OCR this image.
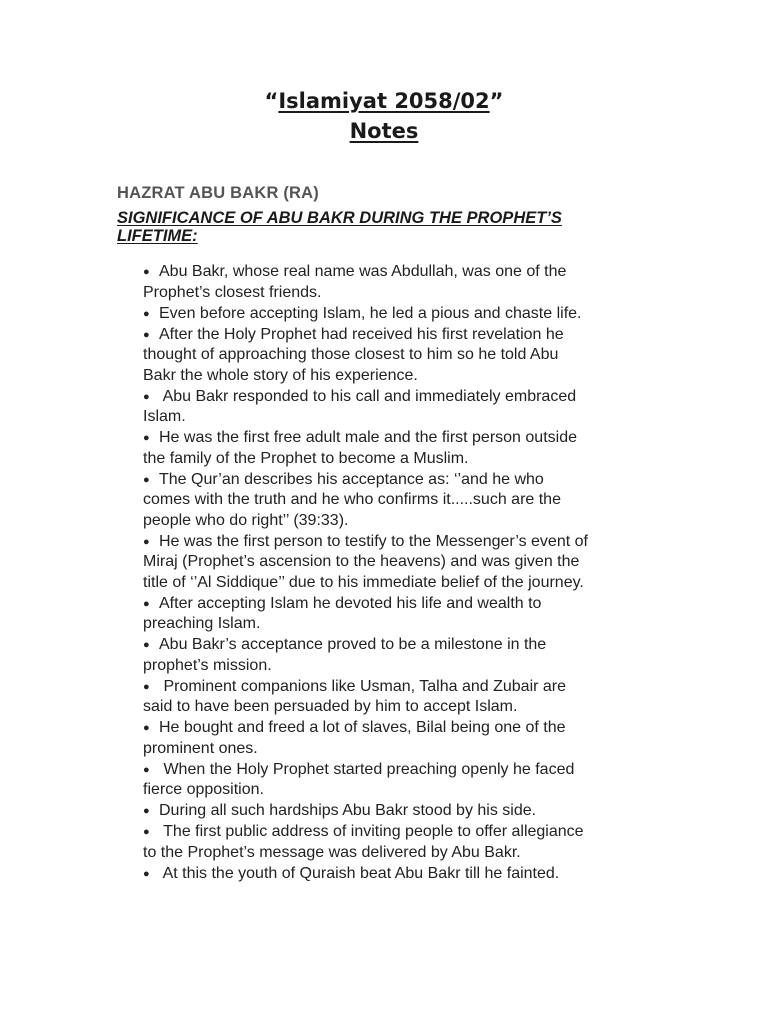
“Islamiyat 2058/02”
Notes
HAZRAT ABU BAKR (RA)
SIGNIFICANCE OF ABU BAKR DURING THE PROPHET’S LIFETIME:
● Abu Bakr, whose real name was Abdullah, was one of the
Prophet’s closest friends.
● Even before accepting Islam, he led a pious and chaste life.
● After the Holy Prophet had received his first revelation he
thought of approaching those closest to him so he told Abu
Bakr the whole story of his experience.
● Abu Bakr responded to his call and immediately embraced
Islam.
● He was the first free adult male and the first person outside
the family of the Prophet to become a Muslim.
● The Qur’an describes his acceptance as: ‘’and he who
comes with the truth and he who confirms it.....such are the
people who do right’’ (39:33).
● He was the first person to testify to the Messenger’s event of
Miraj (Prophet’s ascension to the heavens) and was given the
title of ‘’Al Siddique’’ due to his immediate belief of the journey.
● After accepting Islam he devoted his life and wealth to
preaching Islam.
● Abu Bakr’s acceptance proved to be a milestone in the
prophet’s mission.
● Prominent companions like Usman, Talha and Zubair are
said to have been persuaded by him to accept Islam.
● He bought and freed a lot of slaves, Bilal being one of the
prominent ones.
● When the Holy Prophet started preaching openly he faced
fierce opposition.
● During all such hardships Abu Bakr stood by his side.
● The first public address of inviting people to offer allegiance
to the Prophet’s message was delivered by Abu Bakr.
● At this the youth of Quraish beat Abu Bakr till he fainted.
